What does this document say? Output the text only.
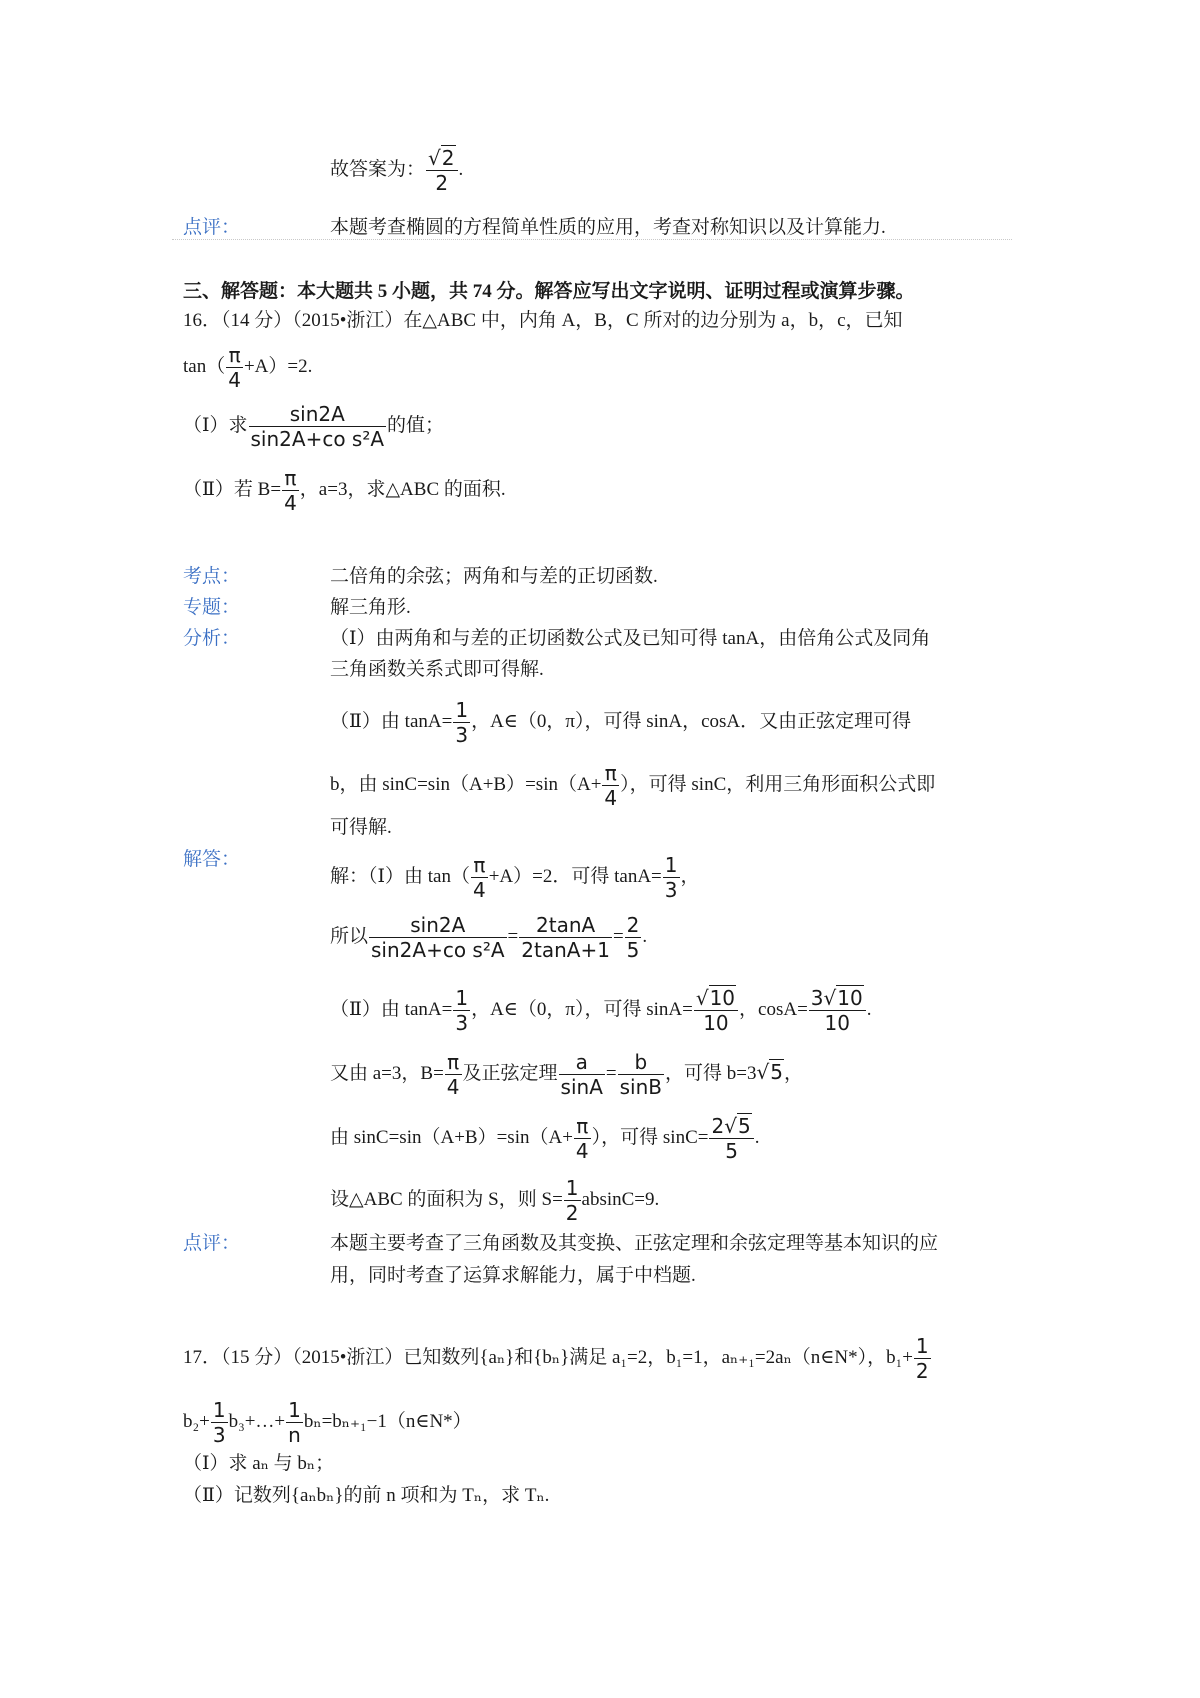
故答案为： $\frac{√2}{2}$ .
点评：	本题考查椭圆的方程简单性质的应用，考查对称知识以及计算能力.
三、解答题：本大题共 5 小题，共 74 分。解答应写出文字说明、证明过程或演算步骤。
16．（14 分）（2015•浙江）在△ABC 中，内角 A，B，C 所对的边分别为 a，b，c，已知
$\tan( \frac{\pi}{4} +A)=2$.
（Ⅰ）求 $\frac{\sin 2A}{\text{sin2A+co s²A}}$ 的值；
（Ⅱ）若 $B= \frac{\pi}{4}$ ，a=3，求△ABC 的面积.
考点：	二倍角的余弦；两角和与差的正切函数.
专题：	解三角形.
分析：	（Ⅰ）由两角和与差的正切函数公式及已知可得 tanA，由倍角公式及同角
三角函数关系式即可得解.
（Ⅱ）由 $\tan A= \frac{1}{3}$ ，A∈（0，π），可得 sinA，cosA．又由正弦定理可得
b，由 $\sin C=\sin(A+B)=\sin(A+ \frac{\pi}{4}$ ），可得 sinC，利用三角形面积公式即
可得解.
解答：
解：（Ⅰ）由 $\tan( \frac{\pi}{4} +A)=2$．可得 $\tan A= \frac{1}{3}$ ，
所以 $\frac{\sin 2A}{\text{sin2A+co s²A}} = \frac{2\tan A}{2\tan A+1} = \frac{2}{5}$ .
（Ⅱ）由 $\tan A= \frac{1}{3}$ ，A∈（0，π），可得 $\sin A= \frac{√10}{10}$ ，$\cos A= \frac{3√10}{10}$ .
又由 a=3，$B= \frac{\pi}{4}$ 及正弦定理 $\frac{a}{\sin A} = \frac{b}{\sin B}$ ，可得 b=3√5，
由 $\sin C=\sin(A+B)=\sin(A+ \frac{\pi}{4}$ ），可得 $\sin C= \frac{2√5}{5}$ .
设△ABC 的面积为 S，则 $S= \frac{1}{2} absinC=9$.
点评：	本题主要考查了三角函数及其变换、正弦定理和余弦定理等基本知识的应
用，同时考查了运算求解能力，属于中档题.
17．（15 分）（2015•浙江）已知数列{aₙ}和{bₙ}满足 a₁=2，b₁=1，aₙ₊₁=2aₙ（n∈N*），$b_1+ \frac{1}{2}$
$b_2+ \frac{1}{3}$ b₃+…+ $\frac{1}{n}$ bₙ=bₙ₊₁−1（n∈N*）
（Ⅰ）求 aₙ 与 bₙ；
（Ⅱ）记数列{aₙbₙ}的前 n 项和为 Tₙ，求 Tₙ.
